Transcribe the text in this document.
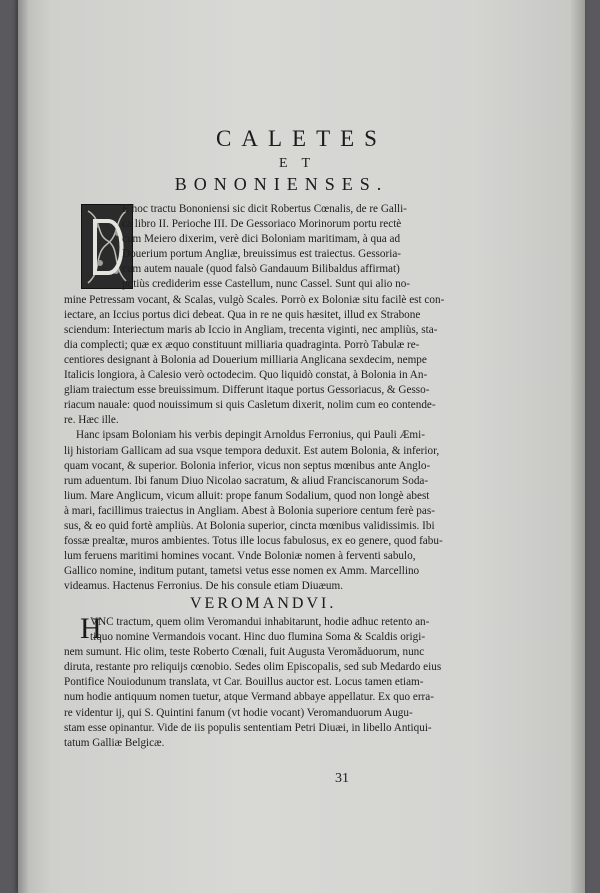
CALETES
ET
BONONIENSES.
E hoc tractu Bononiensi sic dicit Robertus Cœnalis, de re Galli-
ca libro II. Perioche III. De Gessoriaco Morinorum portu rectè
cum Meiero dixerim, verè dici Boloniam maritimam, à qua ad
Douerium portum Angliæ, breuissimus est traiectus. Gessoria-
cum autem nauale (quod falsò Gandauum Bilibaldus affirmat)
potiùs crediderim esse Castellum, nunc Cassel. Sunt qui alio no-
mine Petressam vocant, & Scalas, vulgò Scales. Porrò ex Boloniæ situ facilè est con-
iectare, an Iccius portus dici debeat. Qua in re ne quis hæsitet, illud ex Strabone
sciendum: Interiectum maris ab Iccio in Angliam, trecenta viginti, nec ampliùs, sta-
dia complecti; quæ ex æquo constituunt milliaria quadraginta. Porrò Tabulæ re-
centiores designant à Bolonia ad Douerium milliaria Anglicana sexdecim, nempe
Italicis longiora, à Calesio verò octodecim. Quo liquidò constat, à Bolonia in An-
gliam traiectum esse breuissimum. Differunt itaque portus Gessoriacus, & Gesso-
riacum nauale: quod nouissimum si quis Casletum dixerit, nolim cum eo contende-
re. Hæc ille.
Hanc ipsam Boloniam his verbis depingit Arnoldus Ferronius, qui Pauli Æmi-
lij historiam Gallicam ad sua vsque tempora deduxit. Est autem Bolonia, & inferior,
quam vocant, & superior. Bolonia inferior, vicus non septus mœnibus ante Anglo-
rum aduentum. Ibi fanum Diuo Nicolao sacratum, & aliud Franciscanorum Soda-
lium. Mare Anglicum, vicum alluit: prope fanum Sodalium, quod non longè abest
à mari, facillimus traiectus in Angliam. Abest à Bolonia superiore centum ferè pas-
sus, & eo quid fortè ampliùs. At Bolonia superior, cincta mœnibus validissimis. Ibi
fossæ prealtæ, muros ambientes. Totus ille locus fabulosus, ex eo genere, quod fabu-
lum feruens maritimi homines vocant. Vnde Boloniæ nomen à ferventi sabulo,
Gallico nomine, inditum putant, tametsi vetus esse nomen ex Amm. Marcellino
videamus. Hactenus Ferronius. De his consule etiam Diuæum.
VEROMANDVI.
H
VNC tractum, quem olim Veromandui inhabitarunt, hodie adhuc retento an-
tiquo nomine Vermandois vocant. Hinc duo flumina Soma & Scaldis origi-
nem sumunt. Hic olim, teste Roberto Cœnali, fuit Augusta Veromăduorum, nunc
diruta, restante pro reliquijs cœnobio. Sedes olim Episcopalis, sed sub Medardo eius
Pontifice Nouiodunum translata, vt Car. Bouillus auctor est. Locus tamen etiam-
num hodie antiquum nomen tuetur, atque Vermand abbaye appellatur. Ex quo erra-
re videntur ij, qui S. Quintini fanum (vt hodie vocant) Veromanduorum Augu-
stam esse opinantur. Vide de iis populis sententiam Petri Diuæi, in libello Antiqui-
tatum Galliæ Belgicæ.
31
